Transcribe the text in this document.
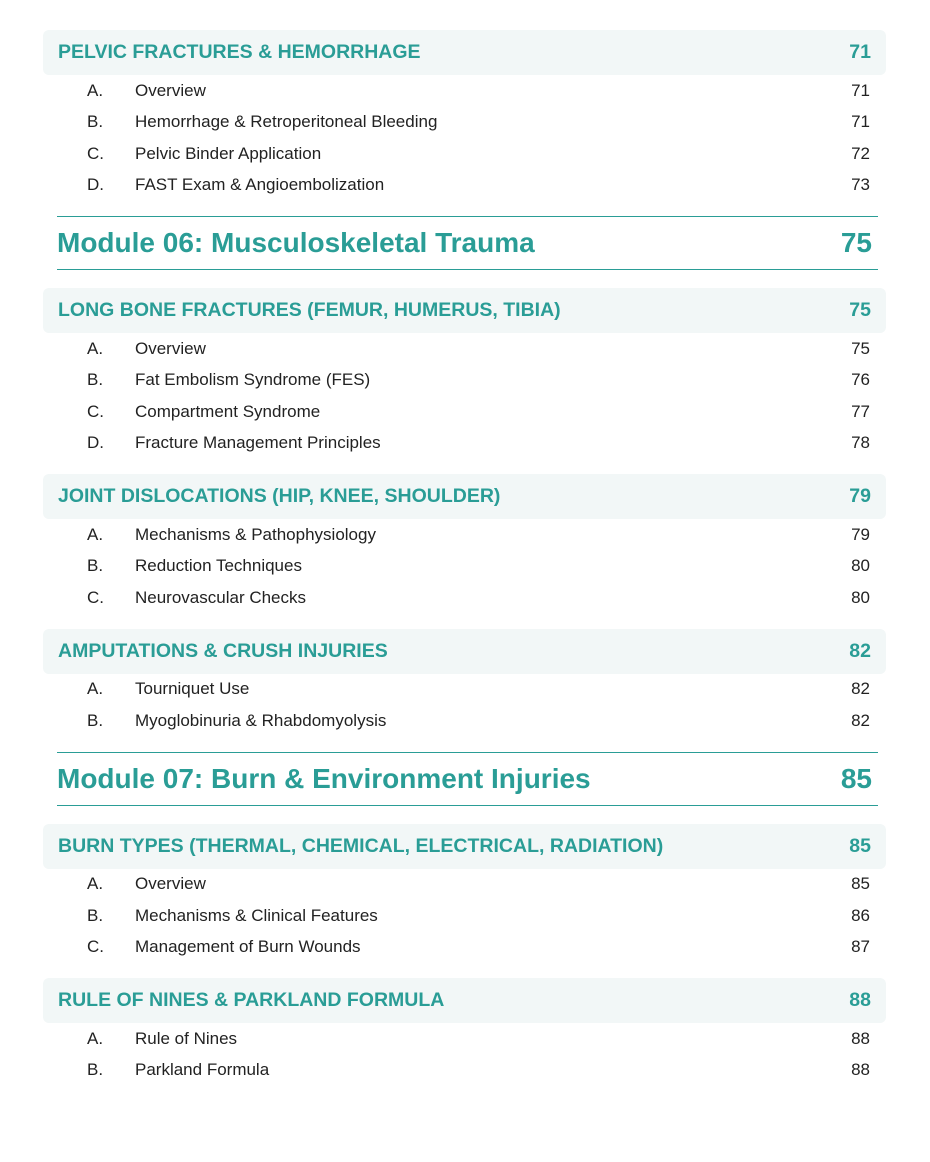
PELVIC FRACTURES & HEMORRHAGE	71
A. Overview	71
B. Hemorrhage & Retroperitoneal Bleeding	71
C. Pelvic Binder Application	72
D. FAST Exam & Angioembolization	73
Module 06: Musculoskeletal Trauma	75
LONG BONE FRACTURES (FEMUR, HUMERUS, TIBIA)	75
A. Overview	75
B. Fat Embolism Syndrome (FES)	76
C. Compartment Syndrome	77
D. Fracture Management Principles	78
JOINT DISLOCATIONS (HIP, KNEE, SHOULDER)	79
A. Mechanisms & Pathophysiology	79
B. Reduction Techniques	80
C. Neurovascular Checks	80
AMPUTATIONS & CRUSH INJURIES	82
A. Tourniquet Use	82
B. Myoglobinuria & Rhabdomyolysis	82
Module 07: Burn & Environment Injuries	85
BURN TYPES (THERMAL, CHEMICAL, ELECTRICAL, RADIATION)	85
A. Overview	85
B. Mechanisms & Clinical Features	86
C. Management of Burn Wounds	87
RULE OF NINES & PARKLAND FORMULA	88
A. Rule of Nines	88
B. Parkland Formula	88
